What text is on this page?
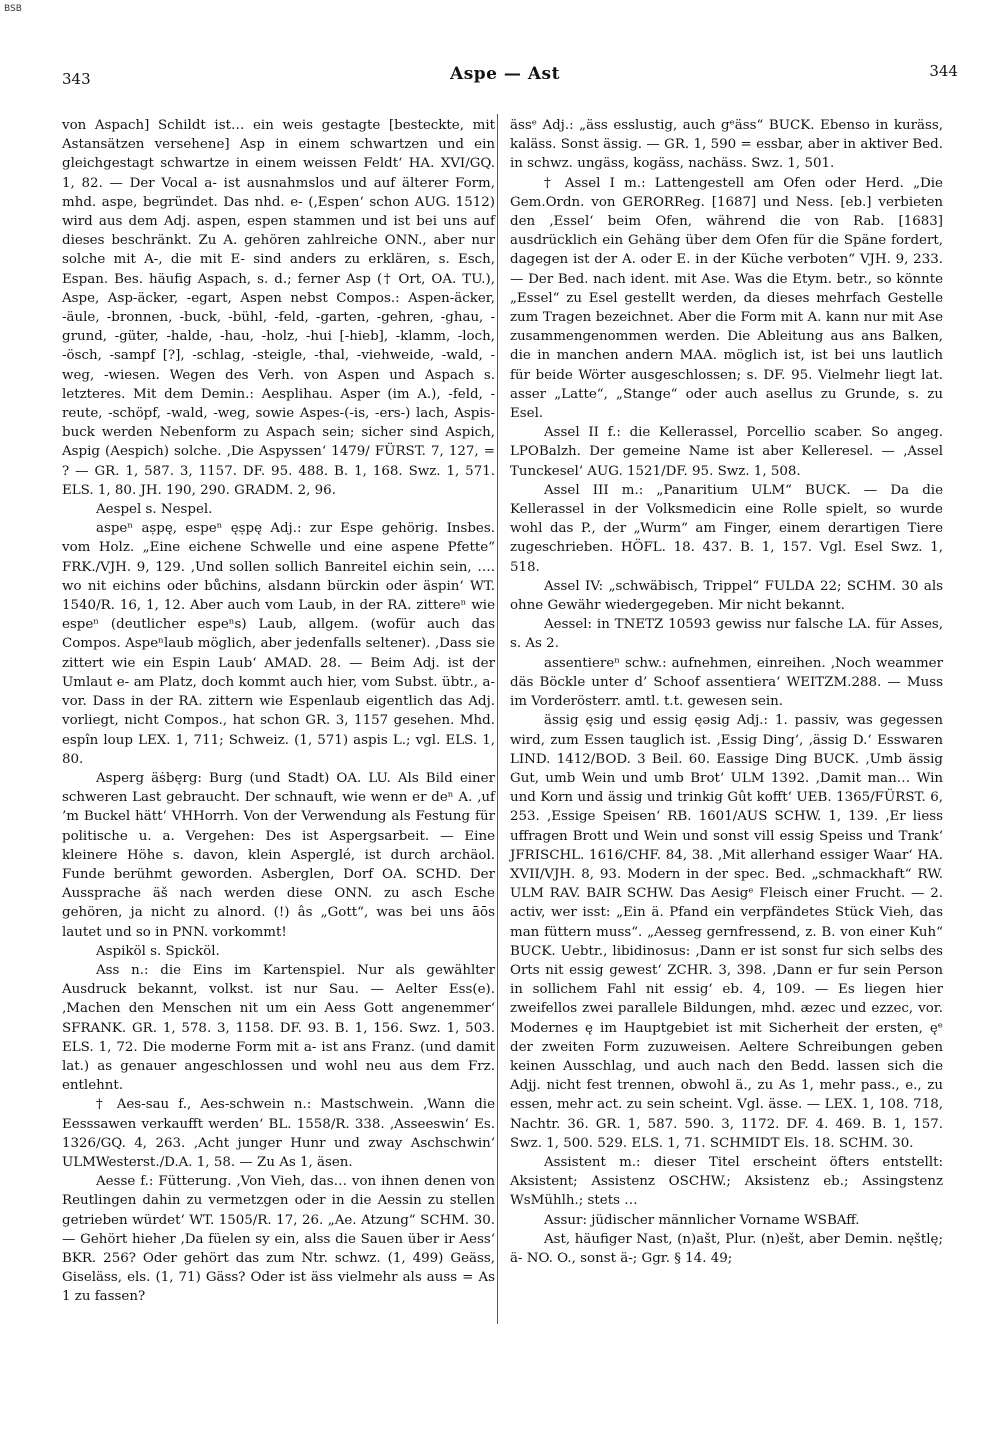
BSB
343	Aspe — Ast	344

von Aspach] Schildt ist… ein weis gestagte [besteckte, mit Astansätzen versehene] Asp in einem schwartzen und ein gleichgestagt schwartze in einem weissen Feldt‘ HA. XVI/GQ. 1, 82. — Der Vocal a- ist ausnahmslos und auf älterer Form, mhd. aspe, begründet. Das nhd. e- (‚Espen‘ schon AUG. 1512) wird aus dem Adj. aspen, espen stammen und ist bei uns auf dieses beschränkt. Zu A. gehören zahlreiche ONN., aber nur solche mit A-, die mit E- sind anders zu erklären, s. Esch, Espan. Bes. häufig Aspach, s. d.; ferner Asp († Ort, OA. TU.), Aspe, Asp-äcker, -egart, Aspen nebst Compos.: Aspen-äcker, -äule, -bronnen, -buck, -bühl, -feld, -garten, -gehren, -ghau, -grund, -güter, -halde, -hau, -holz, -hui [-hieb], -klamm, -loch, -ösch, -sampf [?], -schlag, -steigle, -thal, -viehweide, -wald, -weg, -wiesen. Wegen des Verh. von Aspen und Aspach s. letzteres. Mit dem Demin.: Aesplihau. Asper (im A.), -feld, -reute, -schöpf, -wald, -weg, sowie Aspes-(-is, -ers-) lach, Aspis-buck werden Nebenform zu Aspach sein; sicher sind Aspich, Aspig (Aespich) solche. ‚Die Aspyssen‘ 1479/ FÜRST. 7, 127, = ? — GR. 1, 587. 3, 1157. DF. 95. 488. B. 1, 168. Swz. 1, 571. ELS. 1, 80. JH. 190, 290. GRADM. 2, 96.

Aespel s. Nespel.

aspeⁿ aṣpę, espeⁿ ęṣpę Adj.: zur Espe gehörig. Insbes. vom Holz. „Eine eichene Schwelle und eine aspene Pfette“ FRK./VJH. 9, 129. ‚Und sollen sollich Banreitel eichin sein, …. wo nit eichins oder bůchins, alsdann bürckin oder äspin‘ WT. 1540/R. 16, 1, 12. Aber auch vom Laub, in der RA. zittereⁿ wie espeⁿ (deutlicher espeⁿs) Laub, allgem. (wofür auch das Compos. Aspeⁿlaub möglich, aber jedenfalls seltener). ‚Dass sie zittert wie ein Espin Laub‘ AMAD. 28. — Beim Adj. ist der Umlaut e- am Platz, doch kommt auch hier, vom Subst. übtr., a- vor. Dass in der RA. zittern wie Espenlaub eigentlich das Adj. vorliegt, nicht Compos., hat schon GR. 3, 1157 gesehen. Mhd. espîn loup LEX. 1, 711; Schweiz. (1, 571) aspis L.; vgl. ELS. 1, 80.

Asperg äṡbęrg: Burg (und Stadt) OA. LU. Als Bild einer schweren Last gebraucht. Der schnauft, wie wenn er deⁿ A. ‚uf ’m Buckel hätt‘ VHHorrh. Von der Verwendung als Festung für politische u. a. Vergehen: Des ist Aspergsarbeit. — Eine kleinere Höhe s. davon, klein Asperglé, ist durch archäol. Funde berühmt geworden. Asberglen, Dorf OA. SCHD. Der Aussprache äš nach werden diese ONN. zu asch Esche gehören, ja nicht zu alnord. (!) âs „Gott“, was bei uns āōs lautet und so in PNN. vorkommt!

Aspiköl s. Spicköl.

Ass n.: die Eins im Kartenspiel. Nur als gewählter Ausdruck bekannt, volkst. ist nur Sau. — Aelter Ess(e). ‚Machen den Menschen nit um ein Aess Gott angenemmer‘ SFRANK. GR. 1, 578. 3, 1158. DF. 93. B. 1, 156. Swz. 1, 503. ELS. 1, 72. Die moderne Form mit a- ist ans Franz. (und damit lat.) as genauer angeschlossen und wohl neu aus dem Frz. entlehnt.

† Aes-sau f., Aes-schwein n.: Mastschwein. ‚Wann die Eesssawen verkaufft werden‘ BL. 1558/R. 338. ‚Asseeswin‘ Es. 1326/GQ. 4, 263. ‚Acht junger Hunr und zway Aschschwin‘ ULMWesterst./D.A. 1, 58. — Zu As 1, äsen.

Aesse f.: Fütterung. ‚Von Vieh, das… von ihnen denen von Reutlingen dahin zu vermetzgen oder in die Aessin zu stellen getrieben würdet‘ WT. 1505/R. 17, 26. „Ae. Atzung“ SCHM. 30. — Gehört hieher ‚Da füelen sy ein, alss die Sauen über ir Aess‘ BKR. 256? Oder gehört das zum Ntr. schwz. (1, 499) Geäss, Giseläss, els. (1, 71) Gäss? Oder ist äss vielmehr als auss = As 1 zu fassen?

ässᵉ Adj.: „äss esslustig, auch gᵉäss“ BUCK. Ebenso in kuräss, kaläss. Sonst ässig. — GR. 1, 590 = essbar, aber in aktiver Bed. in schwz. ungäss, kogäss, nachäss. Swz. 1, 501.

† Assel I m.: Lattengestell am Ofen oder Herd. „Die Gem.Ordn. von GERORReg. [1687] und Ness. [eb.] verbieten den ‚Essel‘ beim Ofen, während die von Rab. [1683] ausdrücklich ein Gehäng über dem Ofen für die Späne fordert, dagegen ist der A. oder E. in der Küche verboten“ VJH. 9, 233. — Der Bed. nach ident. mit Ase. Was die Etym. betr., so könnte „Essel“ zu Esel gestellt werden, da dieses mehrfach Gestelle zum Tragen bezeichnet. Aber die Form mit A. kann nur mit Ase zusammengenommen werden. Die Ableitung aus ans Balken, die in manchen andern MAA. möglich ist, ist bei uns lautlich für beide Wörter ausgeschlossen; s. DF. 95. Vielmehr liegt lat. asser „Latte“, „Stange“ oder auch asellus zu Grunde, s. zu Esel.

Assel II f.: die Kellerassel, Porcellio scaber. So angeg. LPOBalzh. Der gemeine Name ist aber Kelleresel. — ‚Assel Tunckesel‘ AUG. 1521/DF. 95. Swz. 1, 508.

Assel III m.: „Panaritium ULM“ BUCK. — Da die Kellerassel in der Volksmedicin eine Rolle spielt, so wurde wohl das P., der „Wurm“ am Finger, einem derartigen Tiere zugeschrieben. HÖFL. 18. 437. B. 1, 157. Vgl. Esel Swz. 1, 518.

Assel IV: „schwäbisch, Trippel“ FULDA 22; SCHM. 30 als ohne Gewähr wiedergegeben. Mir nicht bekannt.

Aessel: in TNETZ 10593 gewiss nur falsche LA. für Asses, s. As 2.

assentiereⁿ schw.: aufnehmen, einreihen. ‚Noch weammer däs Böckle unter d’ Schoof assentiera‘ WEITZM.288. — Muss im Vorderösterr. amtl. t.t. gewesen sein.

ässig ęsig und essig ęəsig Adj.: 1. passiv, was gegessen wird, zum Essen tauglich ist. ‚Essig Ding‘, ‚ässig D.‘ Esswaren LIND. 1412/BOD. 3 Beil. 60. Eassige Ding BUCK. ‚Umb ässig Gut, umb Wein und umb Brot‘ ULM 1392. ‚Damit man… Win und Korn und ässig und trinkig Gût kofft‘ UEB. 1365/FÜRST. 6, 253. ‚Essige Speisen‘ RB. 1601/AUS SCHW. 1, 139. ‚Er liess uffragen Brott und Wein und sonst vill essig Speiss und Trank‘ JFRISCHL. 1616/CHF. 84, 38. ‚Mit allerhand essiger Waar‘ HA. XVII/VJH. 8, 93. Modern in der spec. Bed. „schmackhaft“ RW. ULM RAV. BAIR SCHW. Das Aesigᵉ Fleisch einer Frucht. — 2. activ, wer isst: „Ein ä. Pfand ein verpfändetes Stück Vieh, das man füttern muss“. „Aesseg gernfressend, z. B. von einer Kuh“ BUCK. Uebtr., libidinosus: ‚Dann er ist sonst fur sich selbs des Orts nit essig gewest‘ ZCHR. 3, 398. ‚Dann er fur sein Person in sollichem Fahl nit essig‘ eb. 4, 109. — Es liegen hier zweifellos zwei parallele Bildungen, mhd. æzec und ezzec, vor. Modernes ę im Hauptgebiet ist mit Sicherheit der ersten, ęᵉ der zweiten Form zuzuweisen. Aeltere Schreibungen geben keinen Ausschlag, und auch nach den Bedd. lassen sich die Adjj. nicht fest trennen, obwohl ä., zu As 1, mehr pass., e., zu essen, mehr act. zu sein scheint. Vgl. ässe. — LEX. 1, 108. 718, Nachtr. 36. GR. 1, 587. 590. 3, 1172. DF. 4. 469. B. 1, 157. Swz. 1, 500. 529. ELS. 1, 71. SCHMIDT Els. 18. SCHM. 30.

Assistent m.: dieser Titel erscheint öfters entstellt: Aksistent; Assistenz OSCHW.; Aksistenz eb.; Assingstenz WsMühlh.; stets …

Assur: jüdischer männlicher Vorname WSBAff.

Ast, häufiger Nast, (n)ašt, Plur. (n)ešt, aber Demin. nęštlę; ä- NO. O., sonst ä-; Ggr. § 14. 49;
